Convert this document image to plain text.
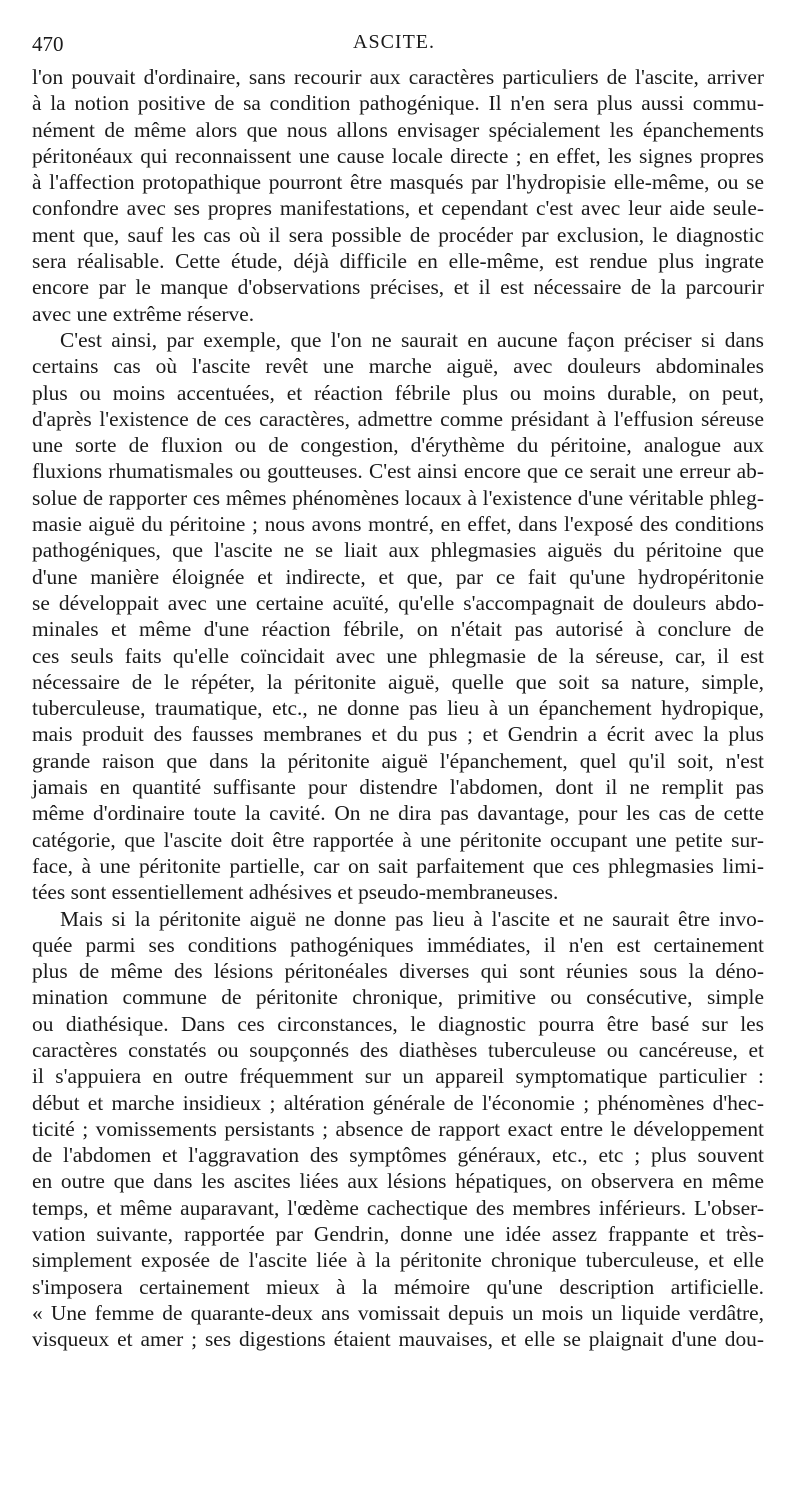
470	ASCITE.
l'on pouvait d'ordinaire, sans recourir aux caractères particuliers de l'ascite, arriver
à la notion positive de sa condition pathogénique. Il n'en sera plus aussi commu-
nément de même alors que nous allons envisager spécialement les épanchements
péritonéaux qui reconnaissent une cause locale directe ; en effet, les signes propres
à l'affection protopathique pourront être masqués par l'hydropisie elle-même, ou se
confondre avec ses propres manifestations, et cependant c'est avec leur aide seule-
ment que, sauf les cas où il sera possible de procéder par exclusion, le diagnostic
sera réalisable. Cette étude, déjà difficile en elle-même, est rendue plus ingrate
encore par le manque d'observations précises, et il est nécessaire de la parcourir
avec une extrême réserve.
C'est ainsi, par exemple, que l'on ne saurait en aucune façon préciser si dans
certains cas où l'ascite revêt une marche aiguë, avec douleurs abdominales
plus ou moins accentuées, et réaction fébrile plus ou moins durable, on peut,
d'après l'existence de ces caractères, admettre comme présidant à l'effusion séreuse
une sorte de fluxion ou de congestion, d'érythème du péritoine, analogue aux
fluxions rhumatismales ou goutteuses. C'est ainsi encore que ce serait une erreur ab-
solue de rapporter ces mêmes phénomènes locaux à l'existence d'une véritable phleg-
masie aiguë du péritoine ; nous avons montré, en effet, dans l'exposé des conditions
pathogéniques, que l'ascite ne se liait aux phlegmasies aiguës du péritoine que
d'une manière éloignée et indirecte, et que, par ce fait qu'une hydropéritonie
se développait avec une certaine acuïté, qu'elle s'accompagnait de douleurs abdo-
minales et même d'une réaction fébrile, on n'était pas autorisé à conclure de
ces seuls faits qu'elle coïncidait avec une phlegmasie de la séreuse, car, il est
nécessaire de le répéter, la péritonite aiguë, quelle que soit sa nature, simple,
tuberculeuse, traumatique, etc., ne donne pas lieu à un épanchement hydropique,
mais produit des fausses membranes et du pus ; et Gendrin a écrit avec la plus
grande raison que dans la péritonite aiguë l'épanchement, quel qu'il soit, n'est
jamais en quantité suffisante pour distendre l'abdomen, dont il ne remplit pas
même d'ordinaire toute la cavité. On ne dira pas davantage, pour les cas de cette
catégorie, que l'ascite doit être rapportée à une péritonite occupant une petite sur-
face, à une péritonite partielle, car on sait parfaitement que ces phlegmasies limi-
tées sont essentiellement adhésives et pseudo-membraneuses.
Mais si la péritonite aiguë ne donne pas lieu à l'ascite et ne saurait être invo-
quée parmi ses conditions pathogéniques immédiates, il n'en est certainement
plus de même des lésions péritonéales diverses qui sont réunies sous la déno-
mination commune de péritonite chronique, primitive ou consécutive, simple
ou diathésique. Dans ces circonstances, le diagnostic pourra être basé sur les
caractères constatés ou soupçonnés des diathèses tuberculeuse ou cancéreuse, et
il s'appuiera en outre fréquemment sur un appareil symptomatique particulier :
début et marche insidieux ; altération générale de l'économie ; phénomènes d'hec-
ticité ; vomissements persistants ; absence de rapport exact entre le développement
de l'abdomen et l'aggravation des symptômes généraux, etc., etc ; plus souvent
en outre que dans les ascites liées aux lésions hépatiques, on observera en même
temps, et même auparavant, l'œdème cachectique des membres inférieurs. L'obser-
vation suivante, rapportée par Gendrin, donne une idée assez frappante et très-
simplement exposée de l'ascite liée à la péritonite chronique tuberculeuse, et elle
s'imposera certainement mieux à la mémoire qu'une description artificielle.
« Une femme de quarante-deux ans vomissait depuis un mois un liquide verdâtre,
visqueux et amer ; ses digestions étaient mauvaises, et elle se plaignait d'une dou-
